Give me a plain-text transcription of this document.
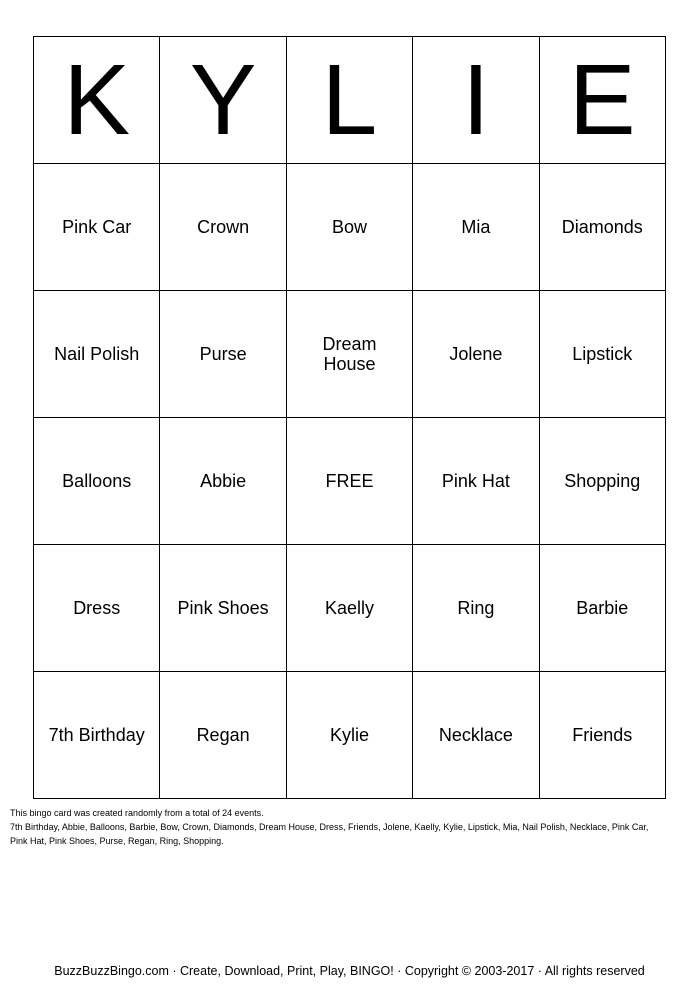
K	Y	L	I	E
Pink Car	Crown	Bow	Mia	Diamonds
Nail Polish	Purse	Dream House	Jolene	Lipstick
Balloons	Abbie	FREE	Pink Hat	Shopping
Dress	Pink Shoes	Kaelly	Ring	Barbie
7th Birthday	Regan	Kylie	Necklace	Friends
This bingo card was created randomly from a total of 24 events.
7th Birthday, Abbie, Balloons, Barbie, Bow, Crown, Diamonds, Dream House, Dress, Friends, Jolene, Kaelly, Kylie, Lipstick, Mia, Nail Polish, Necklace, Pink Car,
Pink Hat, Pink Shoes, Purse, Regan, Ring, Shopping.
BuzzBuzzBingo.com · Create, Download, Print, Play, BINGO! · Copyright © 2003-2017 · All rights reserved
